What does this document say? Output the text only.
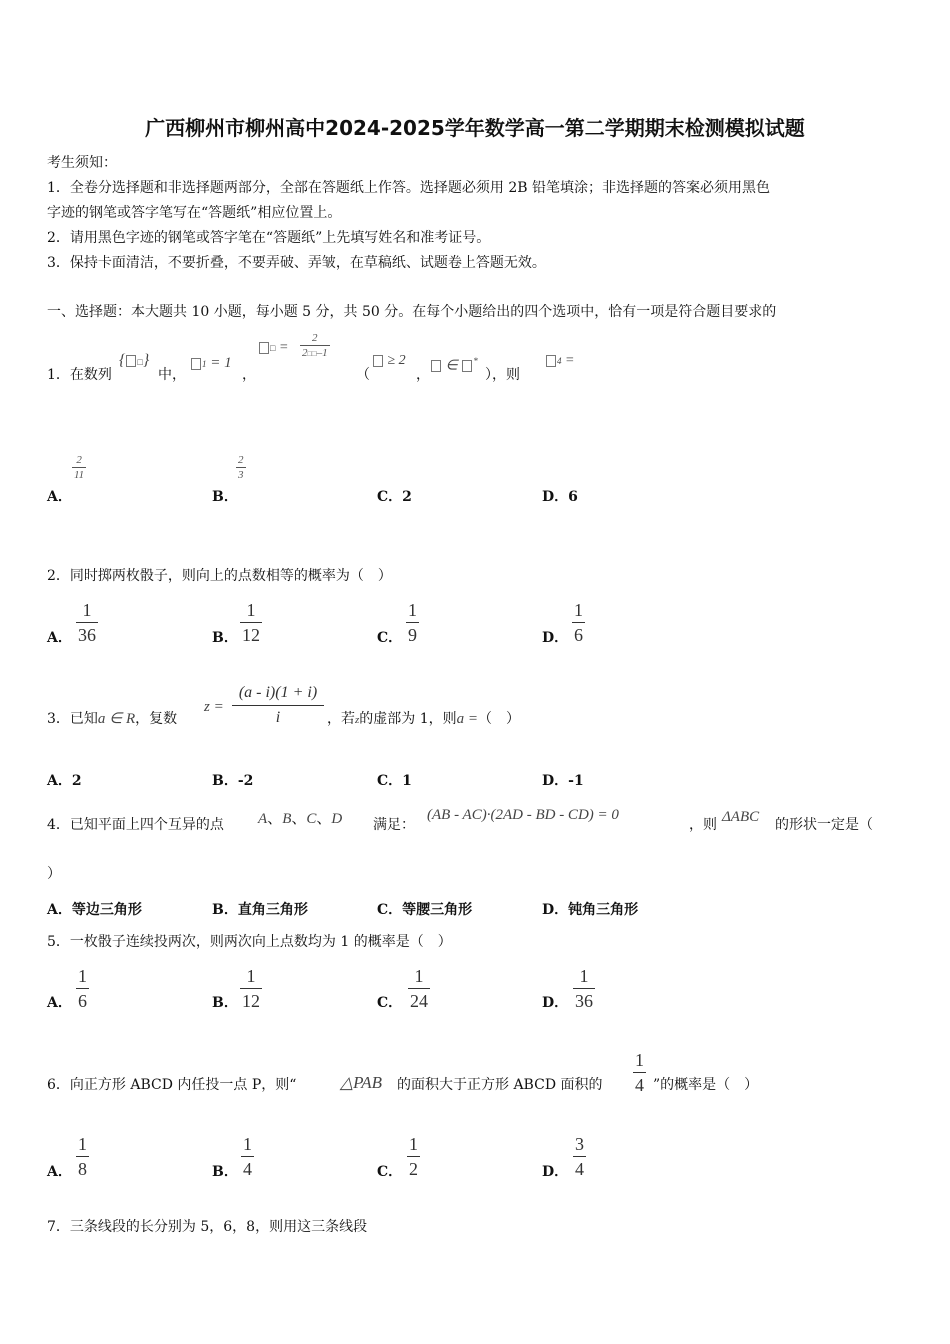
广西柳州市柳州高中2024-2025学年数学高一第二学期期末检测模拟试题
考生须知：
1．全卷分选择题和非选择题两部分，全部在答题纸上作答。选择题必须用 2B 铅笔填涂；非选择题的答案必须用黑色
字迹的钢笔或答字笔写在“答题纸”相应位置上。
2．请用黑色字迹的钢笔或答字笔在“答题纸”上先填写姓名和准考证号。
3．保持卡面清洁，不要折叠，不要弄破、弄皱，在草稿纸、试题卷上答题无效。
一、选择题：本大题共 10 小题，每小题 5 分，共 50 分。在每个小题给出的四个选项中，恰有一项是符合题目要求的
1．在数列
{ □}
中，
1 = 1
，
□ =
2
2□□–1
（
≥ 2
，
∈ *
），则
4 =
A．
2
11
B．
2
3
C．2	D．6
2．同时掷两枚骰子，则向上的点数相等的概率为（　）
A．
1
36	B．
1
12	C．
1
9	D．
1
6
3．已知a ∈ R，复数
z =
(a - i)(1 + i)
i	，若z的虚部为 1，则a =（　）
A．2	B．-2	C．1	D．-1
4．已知平面上四个互异的点 A、B、C、D 满足：
(AB - AC)·(2AD - BD - CD) = 0
，则 ΔABC 的形状一定是（
）
A．等边三角形	B．直角三角形	C．等腰三角形	D．钝角三角形
5．一枚骰子连续投两次，则两次向上点数均为 1 的概率是（　）
A．
1
6	B．
1
12	C．
1
24	D．
1
36
6．向正方形 ABCD 内任投一点 P，则“	△PAB 的面积大于正方形 ABCD 面积的
1
4 ”的概率是（　）
A．
1
8	B．
1
4	C．
1
2	D．
3
4
7．三条线段的长分别为 5，6，8，则用这三条线段
